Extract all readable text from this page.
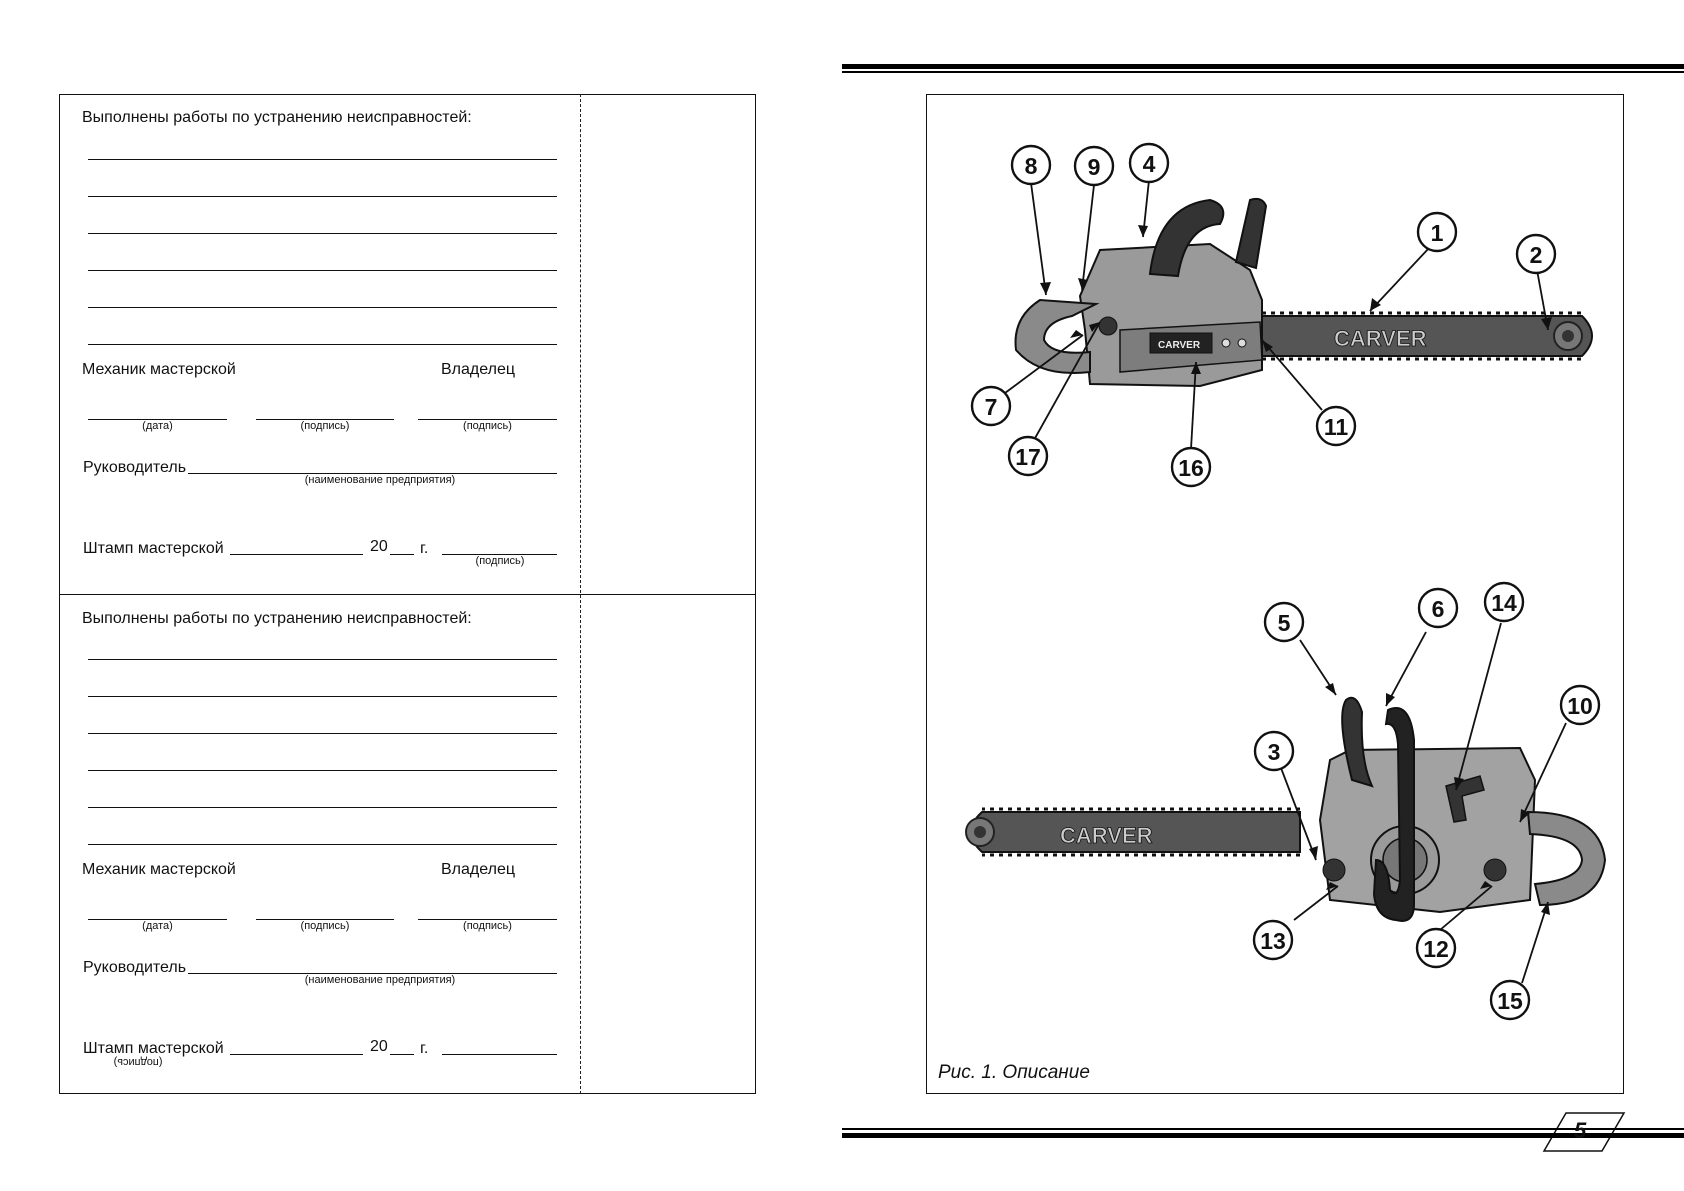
Выполнены работы по устранению неисправностей:
Механик мастерской	Владелец
(дата)	(подпись)	(подпись)
Руководитель
(наименование предприятия)
Штамп мастерской	20 г.
(подпись)
Выполнены работы по устранению неисправностей:
Механик мастерской	Владелец
(дата)	(подпись)	(подпись)
Руководитель
(наименование предприятия)
Штамп мастерской	20 г.
(подпись)
CARVER
CARVER
CARVER
8 9 4
1
2
7
17	16
11
5
6 14
10
3
13	12
15
Рис. 1. Описание
5
